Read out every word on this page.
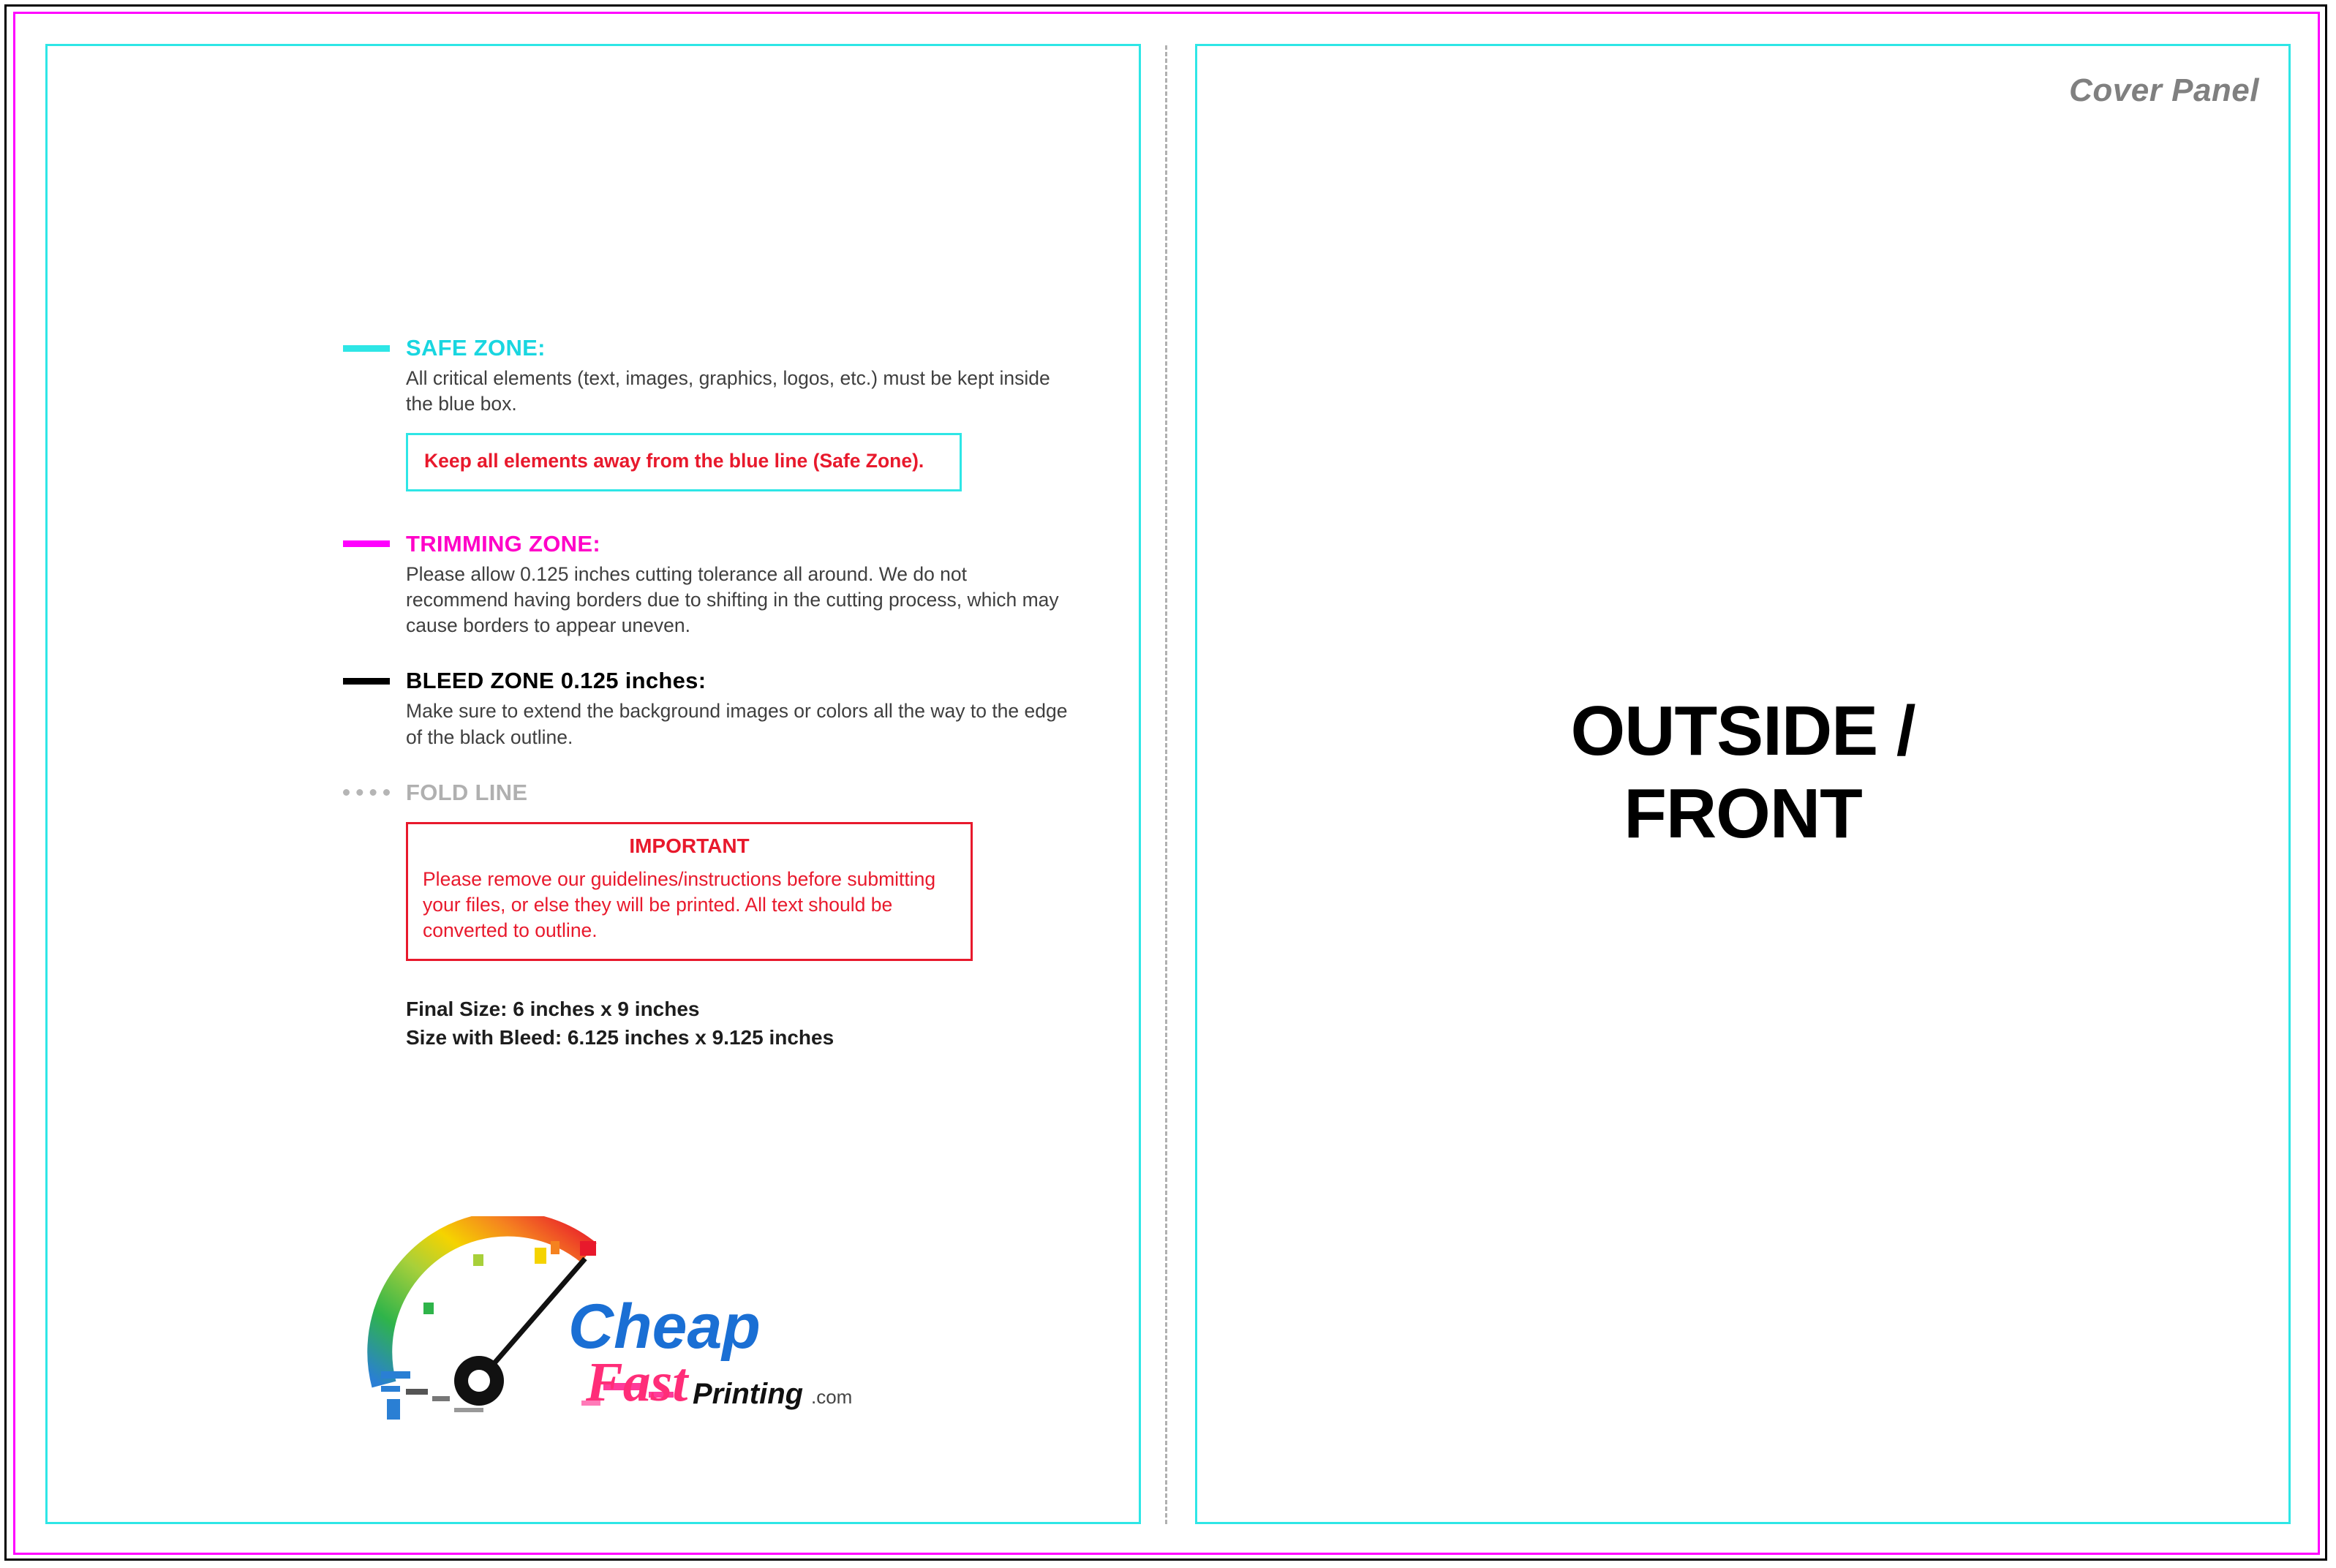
SAFE ZONE:
All critical elements (text, images, graphics, logos, etc.) must be kept inside the blue box.
Keep all elements away from the blue line (Safe Zone).
TRIMMING ZONE:
Please allow 0.125 inches cutting tolerance all around. We do not recommend having borders due to shifting in the cutting process, which may cause borders to appear uneven.
BLEED ZONE 0.125 inches:
Make sure to extend the background images or colors all the way to the edge of the black outline.
FOLD LINE
IMPORTANT
Please remove our guidelines/instructions before submitting your files, or else they will be printed. All text should be converted to outline.
Final Size: 6 inches x 9 inches
Size with Bleed: 6.125 inches x 9.125 inches
Cheap
Fast Printing .com
Cover Panel
OUTSIDE /
FRONT
